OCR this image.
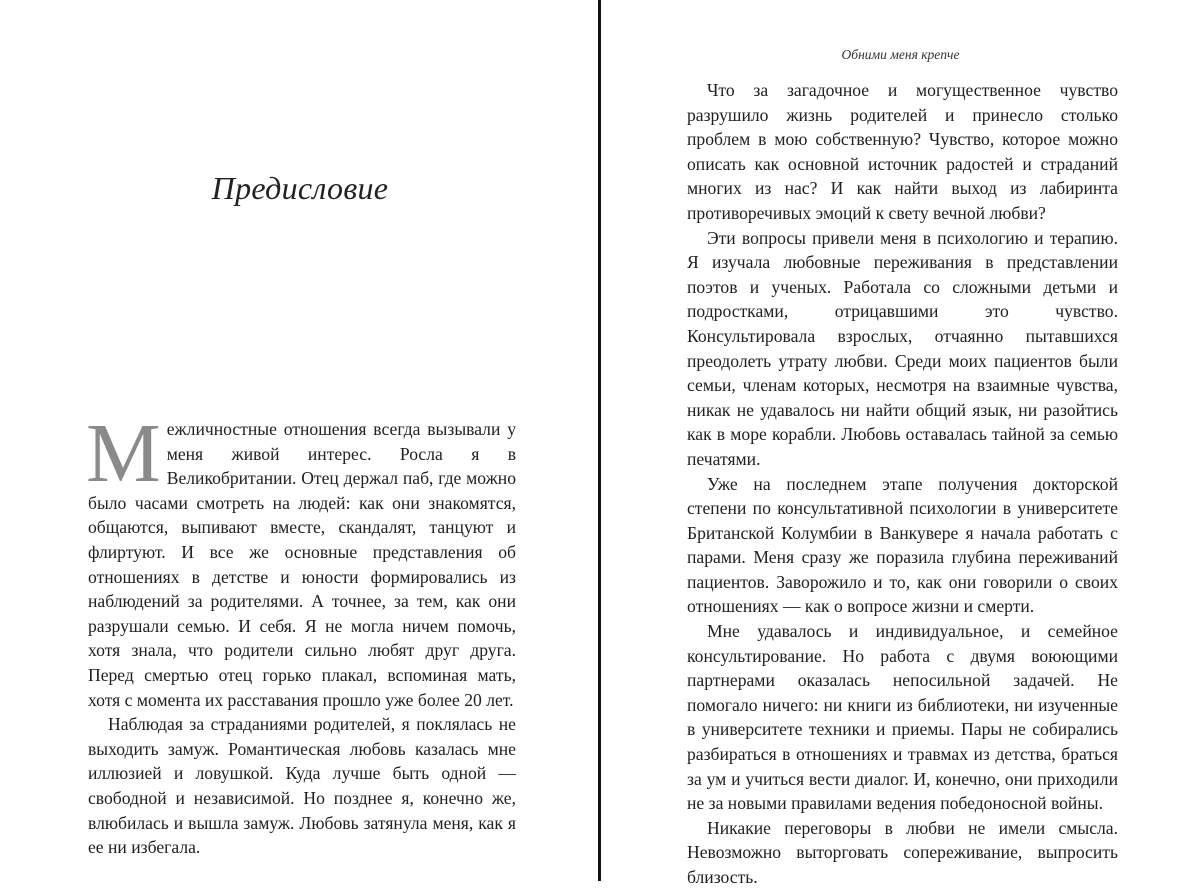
Предисловие

Межличностные отношения всегда вызывали у меня живой интерес. Росла я в Великобритании. Отец держал паб, где можно было часами смотреть на людей: как они знакомятся, общаются, выпивают вместе, скандалят, танцуют и флиртуют. И все же основные представления об отношениях в детстве и юности формировались из наблюдений за родителями. А точнее, за тем, как они разрушали семью. И себя. Я не могла ничем помочь, хотя знала, что родители сильно любят друг друга. Перед смертью отец горько плакал, вспоминая мать, хотя с момента их расставания прошло уже более 20 лет.

Наблюдая за страданиями родителей, я поклялась не выходить замуж. Романтическая любовь казалась мне иллюзией и ловушкой. Куда лучше быть одной — свободной и независимой. Но позднее я, конечно же, влюбилась и вышла замуж. Любовь затянула меня, как я ее ни избегала.

Обними меня крепче

Что за загадочное и могущественное чувство разрушило жизнь родителей и принесло столько проблем в мою собственную? Чувство, которое можно описать как основной источник радостей и страданий многих из нас? И как найти выход из лабиринта противоречивых эмоций к свету вечной любви?

Эти вопросы привели меня в психологию и терапию. Я изучала любовные переживания в представлении поэтов и ученых. Работала со сложными детьми и подростками, отрицавшими это чувство. Консультировала взрослых, отчаянно пытавшихся преодолеть утрату любви. Среди моих пациентов были семьи, членам которых, несмотря на взаимные чувства, никак не удавалось ни найти общий язык, ни разойтись как в море корабли. Любовь оставалась тайной за семью печатями.

Уже на последнем этапе получения докторской степени по консультативной психологии в университете Британской Колумбии в Ванкувере я начала работать с парами. Меня сразу же поразила глубина переживаний пациентов. Заворожило и то, как они говорили о своих отношениях — как о вопросе жизни и смерти.

Мне удавалось и индивидуальное, и семейное консультирование. Но работа с двумя воюющими партнерами оказалась непосильной задачей. Не помогало ничего: ни книги из библиотеки, ни изученные в университете техники и приемы. Пары не собирались разбираться в отношениях и травмах из детства, браться за ум и учиться вести диалог. И, конечно, они приходили не за новыми правилами ведения победоносной войны.

Никакие переговоры в любви не имели смысла. Невозможно выторговать сопереживание, выпросить близость.
